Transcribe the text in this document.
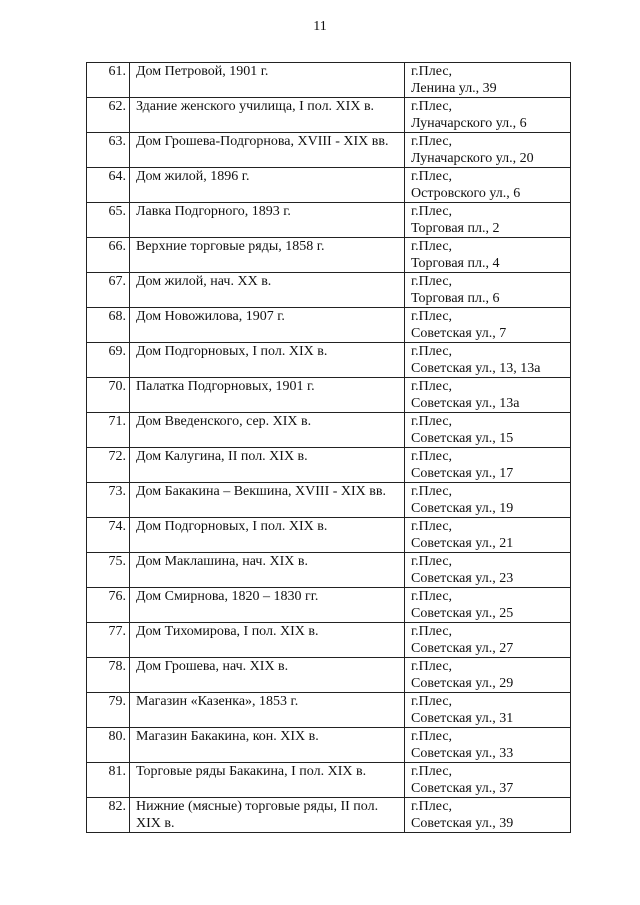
11
61.	Дом Петровой, 1901 г.	г.Плес,
Ленина ул., 39

62.	Здание женского училища, I пол. XIX в.	г.Плес,
Луначарского ул., 6

63.	Дом Грошева-Подгорнова, XVIII - XIX вв.	г.Плес,
Луначарского ул., 20

64.	Дом жилой, 1896 г.	г.Плес,
Островского ул., 6

65.	Лавка Подгорного, 1893 г.	г.Плес,
Торговая пл., 2

66.	Верхние торговые ряды, 1858 г.	г.Плес,
Торговая пл., 4

67.	Дом жилой, нач. XX в.	г.Плес,
Торговая пл., 6

68.	Дом Новожилова, 1907 г.	г.Плес,
Советская ул., 7

69.	Дом Подгорновых, I пол. XIX в.	г.Плес,
Советская ул., 13, 13а

70.	Палатка Подгорновых, 1901 г.	г.Плес,
Советская ул., 13а

71.	Дом Введенского, сер. XIX в.	г.Плес,
Советская ул., 15

72.	Дом Калугина, II пол. XIX в.	г.Плес,
Советская ул., 17

73.	Дом Бакакина – Векшина, XVIII - XIX вв.	г.Плес,
Советская ул., 19

74.	Дом Подгорновых, I пол. XIX в.	г.Плес,
Советская ул., 21

75.	Дом Маклашина, нач. XIX в.	г.Плес,
Советская ул., 23

76.	Дом Смирнова, 1820 – 1830 гг.	г.Плес,
Советская ул., 25

77.	Дом Тихомирова, I пол. XIX в.	г.Плес,
Советская ул., 27

78.	Дом Грошева, нач. XIX в.	г.Плес,
Советская ул., 29

79.	Магазин «Казенка», 1853 г.	г.Плес,
Советская ул., 31

80.	Магазин Бакакина, кон. XIX в.	г.Плес,
Советская ул., 33

81.	Торговые ряды Бакакина, I пол. XIX в.	г.Плес,
Советская ул., 37

82.	Нижние (мясные) торговые ряды, II пол. XIX в.	г.Плес,
Советская ул., 39
